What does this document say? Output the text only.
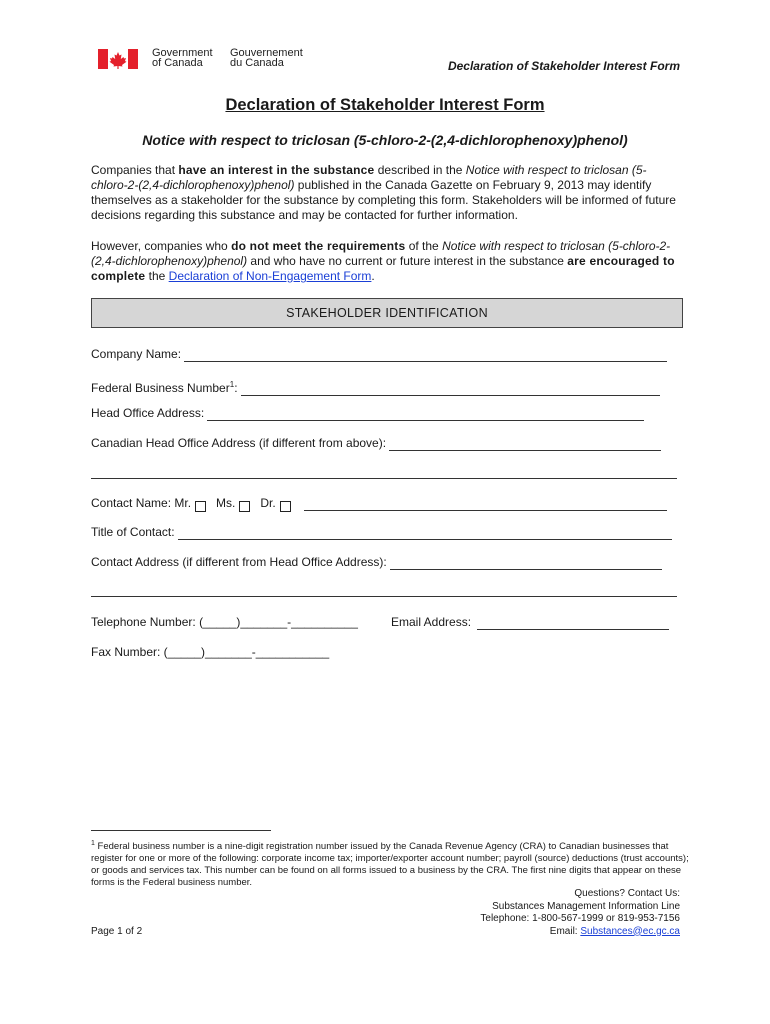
Government
of Canada
Gouvernement
du Canada	Declaration of Stakeholder Interest Form
Declaration of Stakeholder Interest Form
Notice with respect to triclosan (5-chloro-2-(2,4-dichlorophenoxy)phenol)
Companies that have an interest in the substance described in the Notice with respect to triclosan (5-chloro-2-(2,4-dichlorophenoxy)phenol) published in the Canada Gazette on February 9, 2013 may identify themselves as a stakeholder for the substance by completing this form. Stakeholders will be informed of future decisions regarding this substance and may be contacted for further information.
However, companies who do not meet the requirements of the Notice with respect to triclosan (5-chloro-2-(2,4-dichlorophenoxy)phenol) and who have no current or future interest in the substance are encouraged to complete the Declaration of Non-Engagement Form.
STAKEHOLDER IDENTIFICATION
Company Name:
Federal Business Number$^1$:
Head Office Address:
Canadian Head Office Address (if different from above):
Contact Name: Mr. Ms. Dr.
Title of Contact:
Contact Address (if different from Head Office Address):
Telephone Number: (_____)_______-__________	Email Address:
Fax Number: (_____)_______-___________
$^1$ Federal business number is a nine-digit registration number issued by the Canada Revenue Agency (CRA) to Canadian businesses that register for one or more of the following: corporate income tax; importer/exporter account number; payroll (source) deductions (trust accounts); or goods and services tax. This number can be found on all forms issued to a business by the CRA. The first nine digits that appear on these forms is the Federal business number.
Questions? Contact Us:
Substances Management Information Line
Telephone: 1-800-567-1999 or 819-953-7156
Email: Substances@ec.gc.ca
Page 1 of 2
